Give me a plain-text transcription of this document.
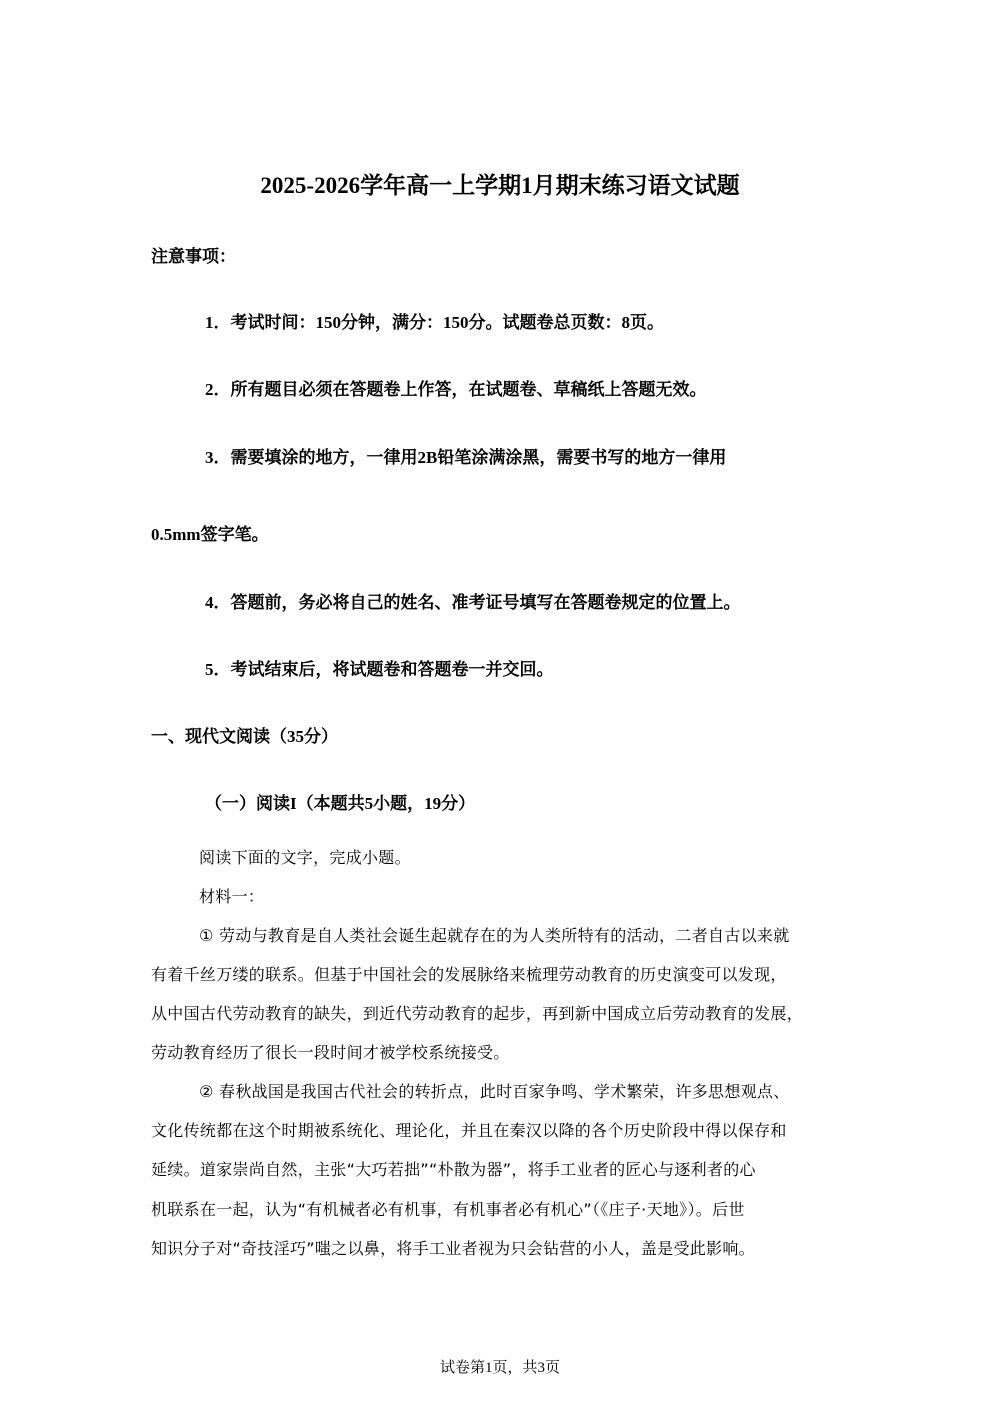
2025-2026学年高一上学期1月期末练习语文试题
注意事项：
1．考试时间：150分钟，满分：150分。试题卷总页数：8页。
2．所有题目必须在答题卷上作答，在试题卷、草稿纸上答题无效。
3．需要填涂的地方，一律用2B铅笔涂满涂黑，需要书写的地方一律用
0.5mm签字笔。
4．答题前，务必将自己的姓名、准考证号填写在答题卷规定的位置上。
5．考试结束后，将试题卷和答题卷一并交回。
一、现代文阅读（35分）
（一）阅读I（本题共5小题，19分）
阅读下面的文字，完成小题。
材料一：
① 劳动与教育是自人类社会诞生起就存在的为人类所特有的活动，二者自古以来就
有着千丝万缕的联系。但基于中国社会的发展脉络来梳理劳动教育的历史演变可以发现，
从中国古代劳动教育的缺失，到近代劳动教育的起步，再到新中国成立后劳动教育的发展，
劳动教育经历了很长一段时间才被学校系统接受。
② 春秋战国是我国古代社会的转折点，此时百家争鸣、学术繁荣，许多思想观点、
文化传统都在这个时期被系统化、理论化，并且在秦汉以降的各个历史阶段中得以保存和
延续。道家崇尚自然，主张“大巧若拙”“朴散为器”，将手工业者的匠心与逐利者的心
机联系在一起，认为“有机械者必有机事，有机事者必有机心”（《庄子·天地》）。后世
知识分子对“奇技淫巧”嗤之以鼻，将手工业者视为只会钻营的小人，盖是受此影响。
试卷第1页，共3页
